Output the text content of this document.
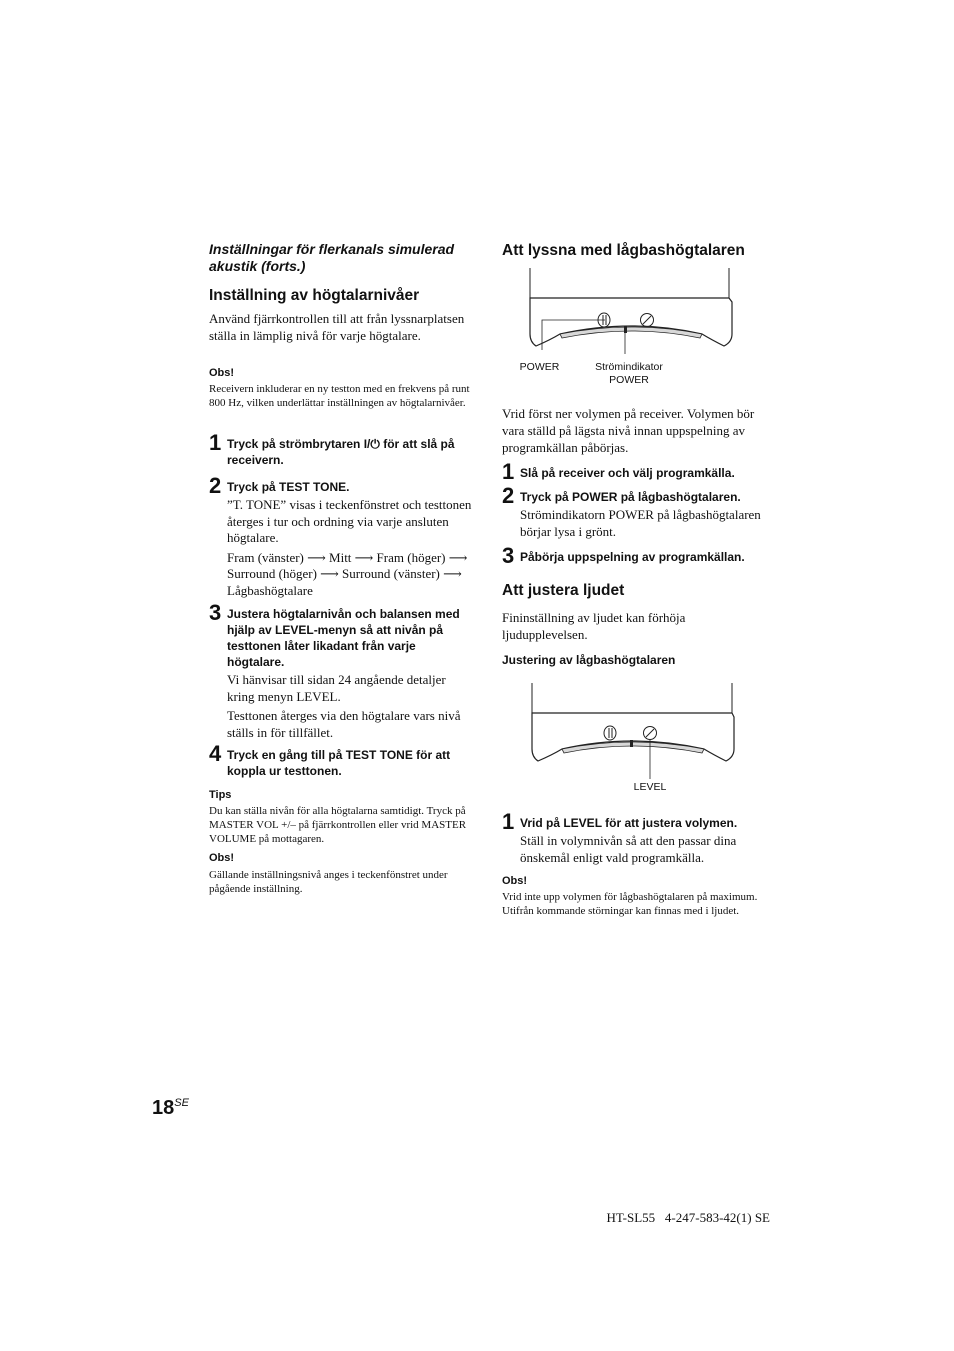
Inställningar för flerkanals simulerad akustik (forts.)
Inställning av högtalarnivåer
Använd fjärrkontrollen till att från lyssnarplatsen ställa in lämplig nivå för varje högtalare.
Obs!
Receivern inkluderar en ny testton med en frekvens på runt 800 Hz, vilken underlättar inställningen av högtalarnivåer.
1 Tryck på strömbrytaren I/⏻ för att slå på receivern.
2 Tryck på TEST TONE.

”T. TONE” visas i teckenfönstret och testtonen återges i tur och ordning via varje ansluten högtalare.

Fram (vänster) ⟶ Mitt ⟶ Fram (höger) ⟶ Surround (höger) ⟶ Surround (vänster) ⟶ Lågbashögtalare

3 Justera högtalarnivån och balansen med hjälp av LEVEL-menyn så att nivån på testtonen låter likadant från varje högtalare.

Vi hänvisar till sidan 24 angående detaljer kring menyn LEVEL.

Testtonen återges via den högtalare vars nivå ställs in för tillfället.

4 Tryck en gång till på TEST TONE för att koppla ur testtonen.
Tips
Du kan ställa nivån för alla högtalarna samtidigt. Tryck på MASTER VOL +/– på fjärrkontrollen eller vrid MASTER VOLUME på mottagaren.
Obs!
Gällande inställningsnivå anges i teckenfönstret under pågående inställning.
Att lyssna med lågbashögtalaren
POWER	Strömindikator
POWER
Vrid först ner volymen på receiver. Volymen bör vara ställd på lägsta nivå innan uppspelning av programkällan påbörjas.
1 Slå på receiver och välj programkälla.
2 Tryck på POWER på lågbashögtalaren.

Strömindikatorn POWER på lågbashögtalaren börjar lysa i grönt.

3 Påbörja uppspelning av programkällan.
Att justera ljudet
Fininställning av ljudet kan förhöja ljudupplevelsen.
Justering av lågbashögtalaren
LEVEL
1 Vrid på LEVEL för att justera volymen.

Ställ in volymnivån så att den passar dina önskemål enligt vald programkälla.

Obs!
Vrid inte upp volymen för lågbashögtalaren på maximum. Utifrån kommande störningar kan finnas med i ljudet.
$18^{SE}$
HT-SL55   4-247-583-42(1) SE
